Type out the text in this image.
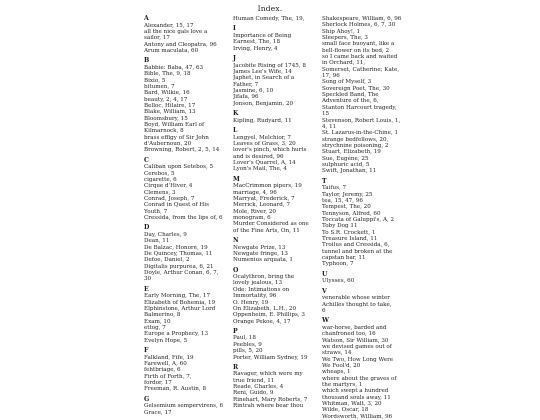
Index.
A
Alexander, 15, 17
all the nice gals love a
sailor, 17
Antony and Cleopatra, 96
Arum maculata, 60
B
Babbie: Baba, 47, 63
Bible, The, 9, 18
Bixio, 5
bitumen, 7
Bard, Wilkie, 16
beauty, 2, 4, 17
Belloc, Hilaire, 17
Blake, William, 13
Bloomsbury, 15
Boyd, William Earl of
Kilmarnock, 8
brass effigy of Sir John
d'Aubernoun, 20
Browning, Robert, 2, 5, 14
C
Caliban upon Setebos, 5
Cerebos, 5
cigarette, 6
Cirque d'Hiver, 4
Clemens, 3
Conrad, Joseph, 7
Conrad in Quest of His
Youth, 7
Cressida, from the lips of, 6
D
Day, Charles, 9
Dean, 11
De Balzac, Honoré, 19
De Quincey, Thomas, 11
Defoe, Daniel, 2
Digitalis purpurea, 6, 21
Doyle, Arthur Conan, 6, 7,
30
E
Early Morning, The, 17
Elizabeth of Bohemia, 19
Elphinstone, Arthur Lord
Balmerino, 8
Exam, 10
ettog, 7
Europe a Prophecy, 13
Evelyn Hope, 5
F
Falkland, Fife, 19
Farewell, A, 60
fehtbriage, 6
Firth of Forth, 7,
fordor, 17
Freeman, R. Austin, 8
G
Gelsemium sempervirens, 6
Grace, 17
Human Comedy, The, 19,
I
Importance of Being
Earnest, The, 18
Irving, Henry, 4
J
Jacobite Rising of 1745, 8
James Lee's Wife, 14
Japhet, in Search of a
Father, 7
Jasmine, 6, 10
Jifafa, 96
Jonson, Benjamin, 20
K
Kipling, Rudyard, 11
L
Lengyel, Melchior, 7
Leaves of Grass, 3, 20
lover's pinch, which hurts
and is desired, 96
Lover's Quarrel, A, 14
Lyon's Mail, The, 4
M
MacCrimmon pipers, 19
marriage, 4, 96
Marryat, Frederick, 7
Merrick, Leonard, 7
Mole, River, 20
monogram, 6
Murder Considered as one
of the Fine Arts, On, 11
N
Newgate Prize, 13
Newgate fringe, 13
Numenius arquata, 1
O
Ocalythron, bring the
lovely jealous, 13
Ode: Intimations on
Immortality, 96
O. Henry, 19
On Elizabeth, L.H., 20
Oppenheim, E. Phillips, 3
Orange Pekoe, 4, 17
P
Paul, 18
Peebles, 9
pills, 5, 20
Porter, William Sydney, 19
R
Ravager, which were my
true friend, 11
Reade, Charles, 4
Reni, Guido, 9
Rinehart, Mary Roberts, 7
Rintrah where bear thou
Shakespeare, William, 6, 96
Sherlock Holmes, 6, 7, 30
Ship Ahoy!, 1
Sleepers, The, 3
small face buoyant, like a
bell-flower on its bed, 2
so I came back and waited
in Orchard, 11,
Somerset, Catherine; Kate,
17, 96
Song of Myself, 3
Sovereign Poet, The, 30
Speckled Band, The
Adventure of the, 6,
Stanton Harcourt tragedy,
15
Stevenson, Robert Louis, 1,
4, 11
St. Lazarus-in-the-Chine, 1
strange bedfellows, 20,
strychnine poisoning, 2
Stuart, Elizabeth, 19
Sue, Eugène, 25
sulphuric acid, 5
Swift, Jonathan, 11
T
Taifus, 7
Taylor, Jeremy, 25
tea, 15, 47, 96
Tempest, The, 20
Tennyson, Alfred, 60
Toccata of Galuppi's, A, 2
Toby Dog 11
To S.R. Crockett, 1
Treasure Island, 11
Troilus and Cressida, 6,
tunnel and broken at the
capstan bar, 11
Typhoon, 7
U
Ulysses, 60
V
venerable whose winter
Achilles thought to take,
6
W
war-horse, barded and
chanfroned too, 16
Watson, Sir William, 30
we devised games out of
straws, 14
We Two, How Long Were
We Fool'd, 20
wheaps, 1
where about the graves of
the martyrs, 1
which swept a hundred
thousand souls away, 11
Whitman, Walt, 3, 20
Wilde, Oscar, 18
Wordsworth, William, 96
